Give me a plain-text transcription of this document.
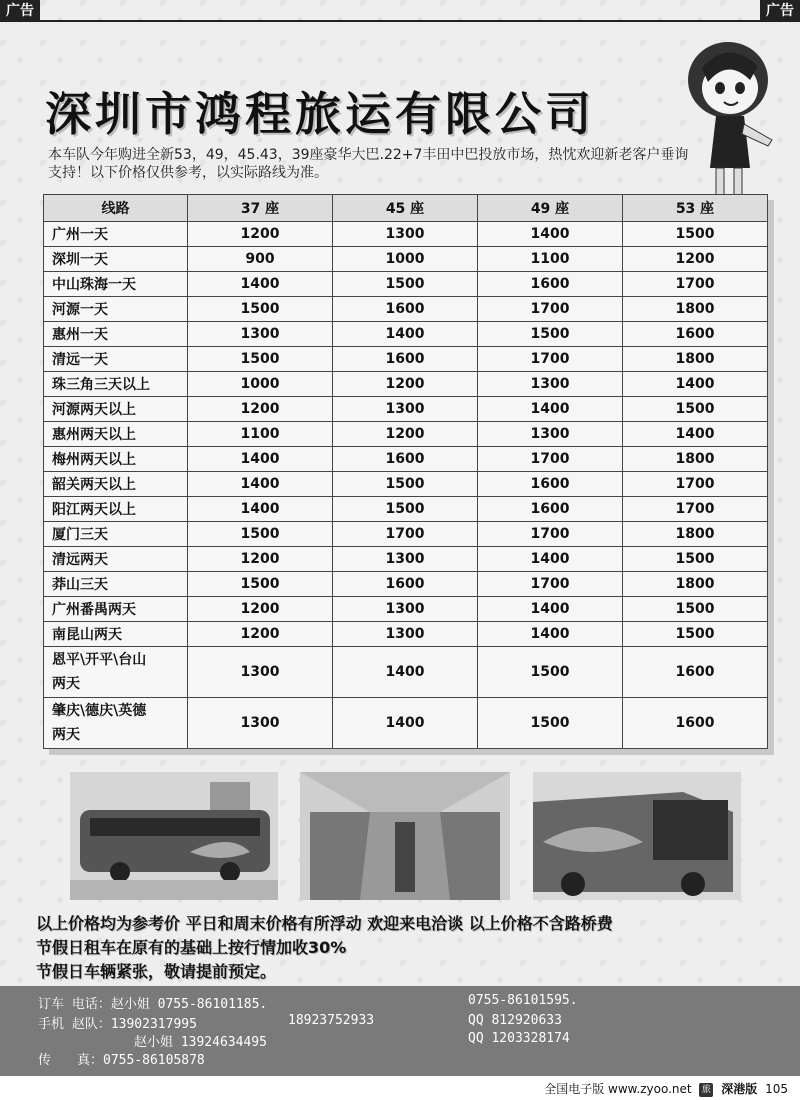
广告	广告
深圳市鸿程旅运有限公司
本车队今年购进全新53，49，45.43，39座豪华大巴.22+7丰田中巴投放市场，热忱欢迎新老客户垂询支持！以下价格仅供参考，以实际路线为准。
线路	37 座	45 座	49 座	53 座
广州一天	1200	1300	1400	1500
深圳一天	900	1000	1100	1200
中山珠海一天	1400	1500	1600	1700
河源一天	1500	1600	1700	1800
惠州一天	1300	1400	1500	1600
清远一天	1500	1600	1700	1800
珠三角三天以上	1000	1200	1300	1400
河源两天以上	1200	1300	1400	1500
惠州两天以上	1100	1200	1300	1400
梅州两天以上	1400	1600	1700	1800
韶关两天以上	1400	1500	1600	1700
阳江两天以上	1400	1500	1600	1700
厦门三天	1500	1700	1700	1800
清远两天	1200	1300	1400	1500
莽山三天	1500	1600	1700	1800
广州番禺两天	1200	1300	1400	1500
南昆山两天	1200	1300	1400	1500

恩平\开平\台山
两天	1300	1400	1500	1600

肇庆\德庆\英德
两天	1300	1400	1500	1600
以上价格均为参考价 平日和周末价格有所浮动 欢迎来电洽谈 以上价格不含路桥费
节假日租车在原有的基础上按行情加收30%
节假日车辆紧张，敬请提前预定。
订车 电话：赵小姐 0755-86101185.	0755-86101595.
手机 赵队：13902317995	18923752933	QQ 812920633
赵小姐 13924634495	QQ 1203328174
传　　真：0755-86105878
全国电子版 www.zyoo.net 旅 深港版 105
